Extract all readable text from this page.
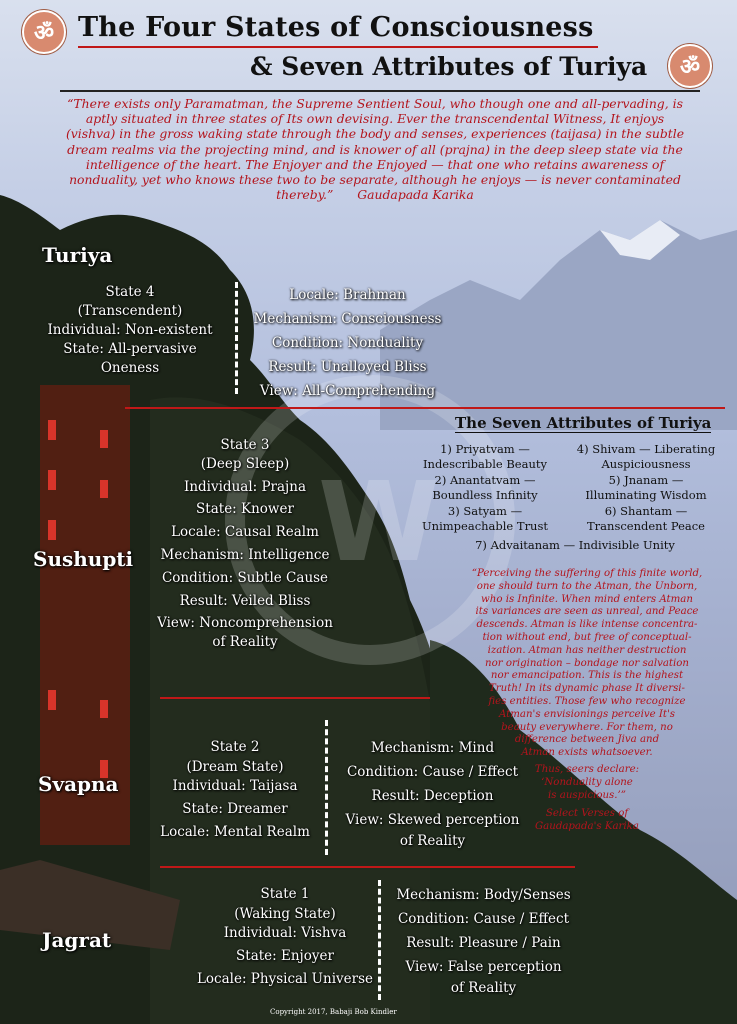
W
ॐ
ॐ
The Four States of Consciousness
& Seven Attributes of Turiya
“There exists only Paramatman, the Supreme Sentient Soul, who though one and all-pervading, is aptly situated in three states of Its own devising. Ever the transcendental Witness, It enjoys (vishva) in the gross waking state through the body and senses, experiences (taijasa) in the subtle dream realms via the projecting mind, and is knower of all (prajna) in the deep sleep state via the intelligence of the heart. The Enjoyer and the Enjoyed — that one who retains awareness of nonduality, yet who knows these two to be separate, although he enjoys — is never contaminated thereby.” Gaudapada Karika
Turiya
State 4
(Transcendent)
Individual: Non-existent
State: All-pervasive
Oneness
Locale: Brahman
Mechanism: Consciousness
Condition: Nonduality
Result: Unalloyed Bliss
View: All-Comprehending
Sushupti
State 3
(Deep Sleep)
Individual: Prajna
State: Knower
Locale: Causal Realm
Mechanism: Intelligence
Condition: Subtle Cause
Result: Veiled Bliss
View: Noncomprehension
of Reality
The Seven Attributes of Turiya
1) Priyatvam —
Indescribable Beauty
2) Anantatvam —
Boundless Infinity
3) Satyam —
Unimpeachable Trust
4) Shivam — Liberating
Auspiciousness
5) Jnanam —
Illuminating Wisdom
6) Shantam —
Transcendent Peace
7) Advaitanam — Indivisible Unity
“Perceiving the suffering of this finite world,
one should turn to the Atman, the Unborn,
who is Infinite. When mind enters Atman
its variances are seen as unreal, and Peace
descends. Atman is like intense concentra-
tion without end, but free of conceptual-
ization. Atman has neither destruction
nor origination – bondage nor salvation
nor emancipation. This is the highest
Truth! In its dynamic phase It diversi-
fies entities. Those few who recognize
Atman's envisionings perceive It's
beauty everywhere. For them, no
difference between Jiva and
Atman exists whatsoever.
Thus, seers declare:
‘Nonduality alone
is auspicious.’”
Select Verses of
Gaudapada's Karika
Svapna
State 2
(Dream State)
Individual: Taijasa
State: Dreamer
Locale: Mental Realm
Mechanism: Mind
Condition: Cause / Effect
Result: Deception
View: Skewed perception
of Reality
Jagrat
State 1
(Waking State)
Individual: Vishva
State: Enjoyer
Locale: Physical Universe
Mechanism: Body/Senses
Condition: Cause / Effect
Result: Pleasure / Pain
View: False perception
of Reality
Copyright 2017, Babaji Bob Kindler
